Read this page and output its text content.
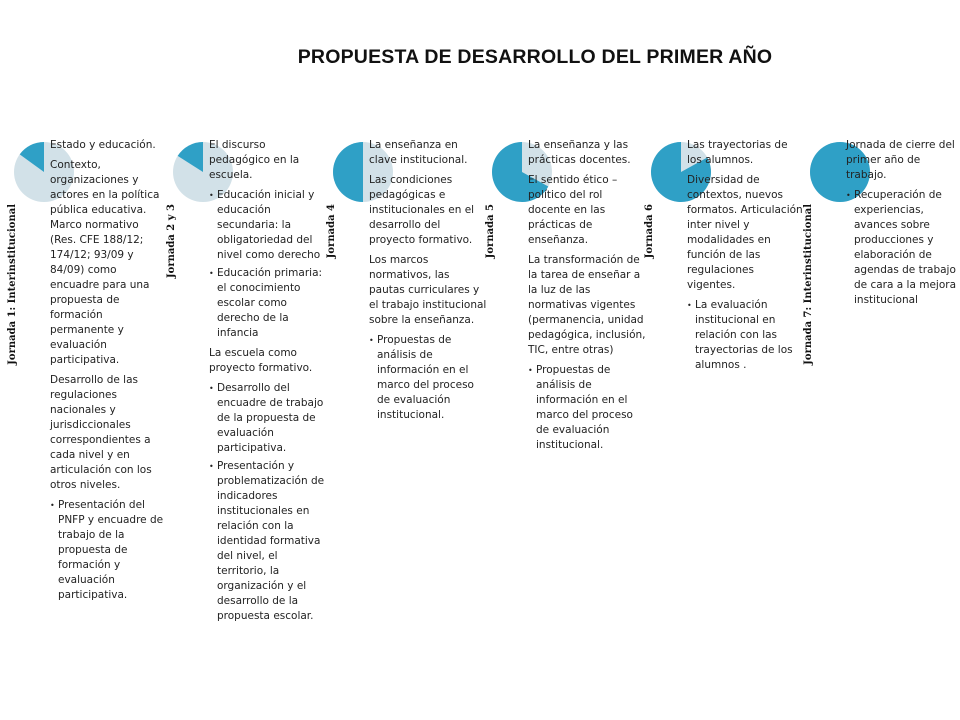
PROPUESTA DE DESARROLLO DEL PRIMER AÑO
Jornada 1: Interinstitucional

Estado y educación.

Contexto, organizaciones y actores en la política pública educativa. Marco normativo (Res. CFE 188/12; 174/12; 93/09 y 84/09) como encuadre para una propuesta de formación permanente y evaluación participativa.

Desarrollo de las regulaciones nacionales y jurisdiccionales correspondientes a cada nivel y en articulación con los otros niveles.

• Presentación del PNFP y encuadre de trabajo de la propuesta de formación y evaluación participativa.
Jornada 2 y 3

El discurso pedagógico en la escuela.

• Educación inicial y educación secundaria: la obligatoriedad del nivel como derecho
• Educación primaria: el conocimiento escolar como derecho de la infancia

La escuela como proyecto formativo.

• Desarrollo del encuadre de trabajo de la propuesta de evaluación participativa.
• Presentación y problematización de indicadores institucionales en relación con la identidad formativa del nivel, el territorio, la organización y el desarrollo de la propuesta escolar.
Jornada 4

La enseñanza en clave institucional.

Las condiciones pedagógicas e institucionales en el desarrollo del proyecto formativo.

Los marcos normativos, las pautas curriculares y el trabajo institucional sobre la enseñanza.

• Propuestas de análisis de información en el marco del proceso de evaluación institucional.
Jornada 5

La enseñanza y las prácticas docentes.

El sentido ético – político del rol docente en las prácticas de enseñanza.

La transformación de la tarea de enseñar a la luz de las normativas vigentes (permanencia, unidad pedagógica, inclusión, TIC, entre otras)

• Propuestas de análisis de información en el marco del proceso de evaluación institucional.
Jornada 6

Las trayectorias de los alumnos.

Diversidad de contextos, nuevos formatos. Articulación inter nivel y modalidades en función de las regulaciones vigentes.

• La evaluación institucional en relación con las trayectorias de los alumnos .
Jornada 7: Interinstitucional

Jornada de cierre del primer año de trabajo.

• Recuperación de experiencias, avances sobre producciones y elaboración de agendas de trabajo de cara a la mejora institucional
